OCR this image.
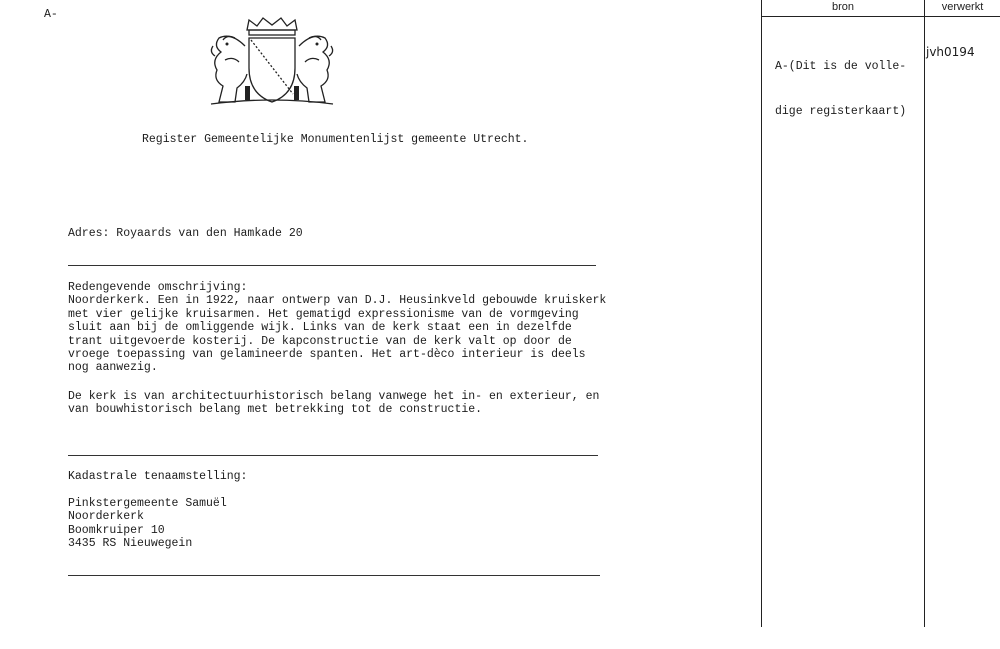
A-
Register Gemeentelijke Monumentenlijst gemeente Utrecht.
Adres: Royaards van den Hamkade 20
Redengevende omschrijving:
Noorderkerk. Een in 1922, naar ontwerp van D.J. Heusinkveld gebouwde kruiskerk
met vier gelijke kruisarmen. Het gematigd expressionisme van de vormgeving
sluit aan bij de omliggende wijk. Links van de kerk staat een in dezelfde
trant uitgevoerde kosterij. De kapconstructie van de kerk valt op door de
vroege toepassing van gelamineerde spanten. Het art-dèco interieur is deels
nog aanwezig.
De kerk is van architectuurhistorisch belang vanwege het in- en exterieur, en
van bouwhistorisch belang met betrekking tot de constructie.
Kadastrale tenaamstelling:
Pinkstergemeente Samuël
Noorderkerk
Boomkruiper 10
3435 RS Nieuwegein
bron	verwerkt

A-(Dit is de volle-

dige registerkaart)

jvh0194
